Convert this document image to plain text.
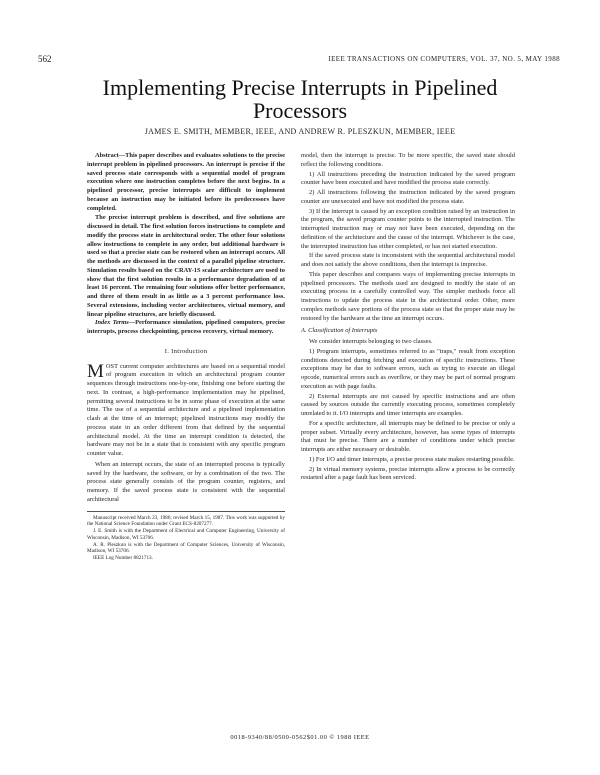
562	IEEE TRANSACTIONS ON COMPUTERS, VOL. 37, NO. 5, MAY 1988
Implementing Precise Interrupts in Pipelined Processors
JAMES E. SMITH, MEMBER, IEEE, AND ANDREW R. PLESZKUN, MEMBER, IEEE

Abstract—This paper describes and evaluates solutions to the precise interrupt problem in pipelined processors. An interrupt is precise if the saved process state corresponds with a sequential model of program execution where one instruction completes before the next begins. In a pipelined processor, precise interrupts are difficult to implement because an instruction may be initiated before its predecessors have completed.

The precise interrupt problem is described, and five solutions are discussed in detail. The first solution forces instructions to complete and modify the process state in architectural order. The other four solutions allow instructions to complete in any order, but additional hardware is used so that a precise state can be restored when an interrupt occurs. All the methods are discussed in the context of a parallel pipeline structure. Simulation results based on the CRAY-1S scalar architecture are used to show that the first solution results in a performance degradation of at least 16 percent. The remaining four solutions offer better performance, and three of them result in as little as a 3 percent performance loss. Several extensions, including vector architectures, virtual memory, and linear pipeline structures, are briefly discussed.

Index Terms—Performance simulation, pipelined computers, precise interrupts, process checkpointing, process recovery, virtual memory.

I. Introduction

MOST current computer architectures are based on a sequential model of program execution in which an architectural program counter sequences through instructions one-by-one, finishing one before starting the next. In contrast, a high-performance implementation may be pipelined, permitting several instructions to be in some phase of execution at the same time. The use of a sequential architecture and a pipelined implementation clash at the time of an interrupt; pipelined instructions may modify the process state in an order different from that defined by the sequential architectural model. At the time an interrupt condition is detected, the hardware may not be in a state that is consistent with any specific program counter value.

When an interrupt occurs, the state of an interrupted process is typically saved by the hardware, the software, or by a combination of the two. The process state generally consists of the program counter, registers, and memory. If the saved process state is consistent with the sequential architectural

Manuscript received March 23, 1986; revised March 15, 1987. This work was supported by the National Science Foundation under Grant ECS-8207277.

J. E. Smith is with the Department of Electrical and Computer Engineering, University of Wisconsin, Madison, WI 53706.

A. R. Pleszkun is with the Department of Computer Sciences, University of Wisconsin, Madison, WI 53706.

IEEE Log Number 8821713.

model, then the interrupt is precise. To be more specific, the saved state should reflect the following conditions.

1) All instructions preceding the instruction indicated by the saved program counter have been executed and have modified the process state correctly.

2) All instructions following the instruction indicated by the saved program counter are unexecuted and have not modified the process state.

3) If the interrupt is caused by an exception condition raised by an instruction in the program, the saved program counter points to the interrupted instruction. The interrupted instruction may or may not have been executed, depending on the definition of the architecture and the cause of the interrupt. Whichever is the case, the interrupted instruction has either completed, or has not started execution.

If the saved process state is inconsistent with the sequential architectural model and does not satisfy the above conditions, then the interrupt is imprecise.

This paper describes and compares ways of implementing precise interrupts in pipelined processors. The methods used are designed to modify the state of an executing process in a carefully controlled way. The simpler methods force all instructions to update the process state in the architectural order. Other, more complex methods save portions of the process state so that the proper state may be restored by the hardware at the time an interrupt occurs.

A. Classification of Interrupts

We consider interrupts belonging to two classes.

1) Program interrupts, sometimes referred to as "traps," result from exception conditions detected during fetching and execution of specific instructions. These exceptions may be due to software errors, such as trying to execute an illegal opcode, numerical errors such as overflow, or they may be part of normal program execution as with page faults.

2) External interrupts are not caused by specific instructions and are often caused by sources outside the currently executing process, sometimes completely unrelated to it. I/O interrupts and timer interrupts are examples.

For a specific architecture, all interrupts may be defined to be precise or only a proper subset. Virtually every architecture, however, has some types of interrupts that must be precise. There are a number of conditions under which precise interrupts are either necessary or desirable.

1) For I/O and timer interrupts, a precise process state makes restarting possible.

2) In virtual memory systems, precise interrupts allow a process to be correctly restarted after a page fault has been serviced.

0018-9340/88/0500-0562$01.00 © 1988 IEEE
